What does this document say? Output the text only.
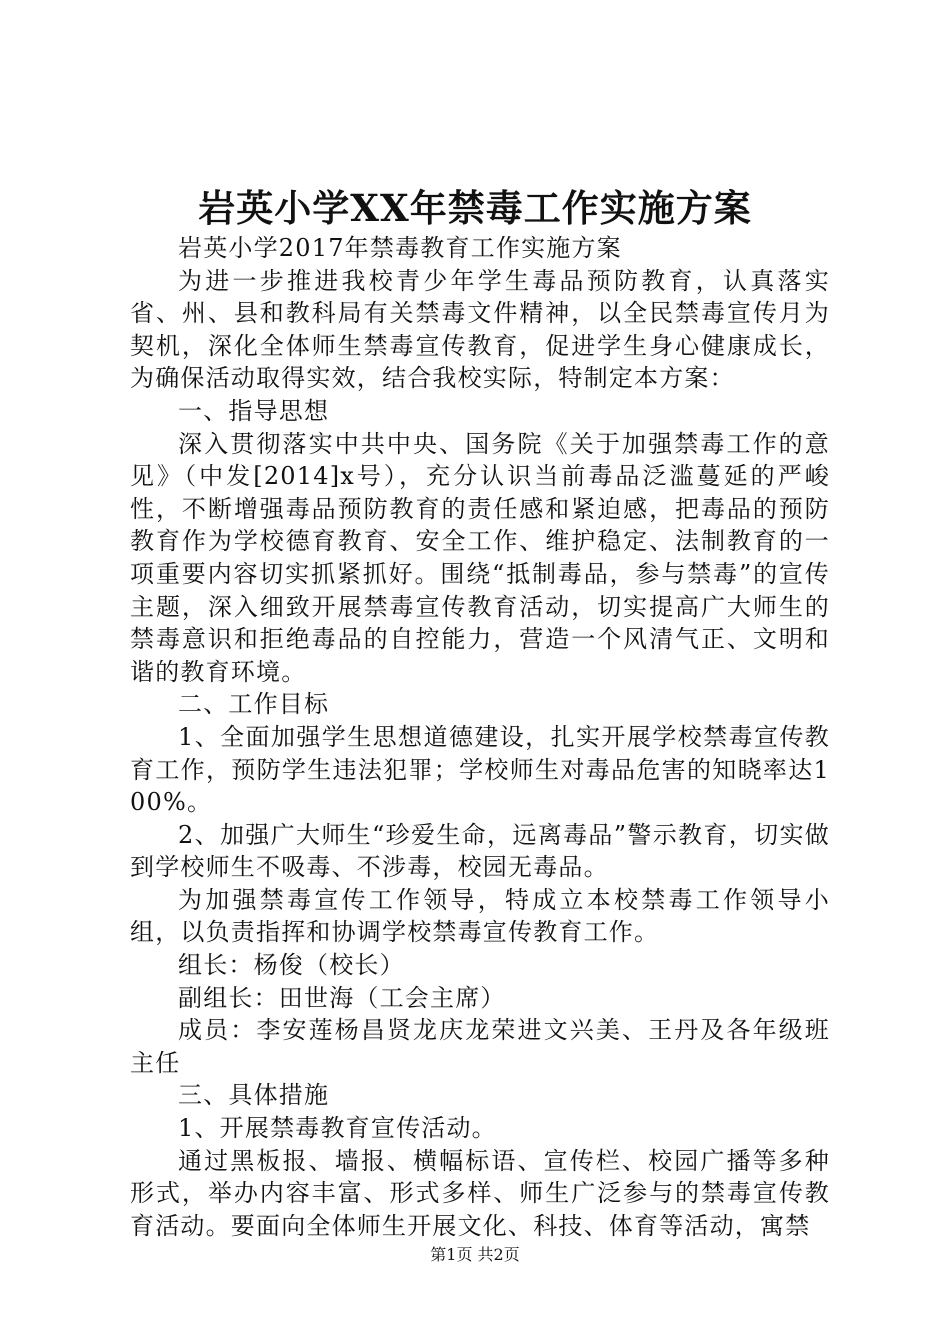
岩英小学XX年禁毒工作实施方案

岩英小学2017年禁毒教育工作实施方案

为进一步推进我校青少年学生毒品预防教育，认真落实省、州、县和教科局有关禁毒文件精神，以全民禁毒宣传月为契机，深化全体师生禁毒宣传教育，促进学生身心健康成长，为确保活动取得实效，结合我校实际，特制定本方案：

一、指导思想

深入贯彻落实中共中央、国务院《关于加强禁毒工作的意见》（中发[2014]x号），充分认识当前毒品泛滥蔓延的严峻性，不断增强毒品预防教育的责任感和紧迫感，把毒品的预防教育作为学校德育教育、安全工作、维护稳定、法制教育的一项重要内容切实抓紧抓好。围绕“抵制毒品，参与禁毒”的宣传主题，深入细致开展禁毒宣传教育活动，切实提高广大师生的禁毒意识和拒绝毒品的自控能力，营造一个风清气正、文明和谐的教育环境。

二、工作目标

1、全面加强学生思想道德建设，扎实开展学校禁毒宣传教育工作，预防学生违法犯罪；学校师生对毒品危害的知晓率达100%。

2、加强广大师生“珍爱生命，远离毒品”警示教育，切实做到学校师生不吸毒、不涉毒，校园无毒品。

为加强禁毒宣传工作领导，特成立本校禁毒工作领导小组，以负责指挥和协调学校禁毒宣传教育工作。

组长：杨俊（校长）

副组长：田世海（工会主席）

成员：李安莲杨昌贤龙庆龙荣进文兴美、王丹及各年级班主任

三、具体措施

1、开展禁毒教育宣传活动。

通过黑板报、墙报、横幅标语、宣传栏、校园广播等多种形式，举办内容丰富、形式多样、师生广泛参与的禁毒宣传教育活动。要面向全体师生开展文化、科技、体育等活动，寓禁

第1页 共2页
